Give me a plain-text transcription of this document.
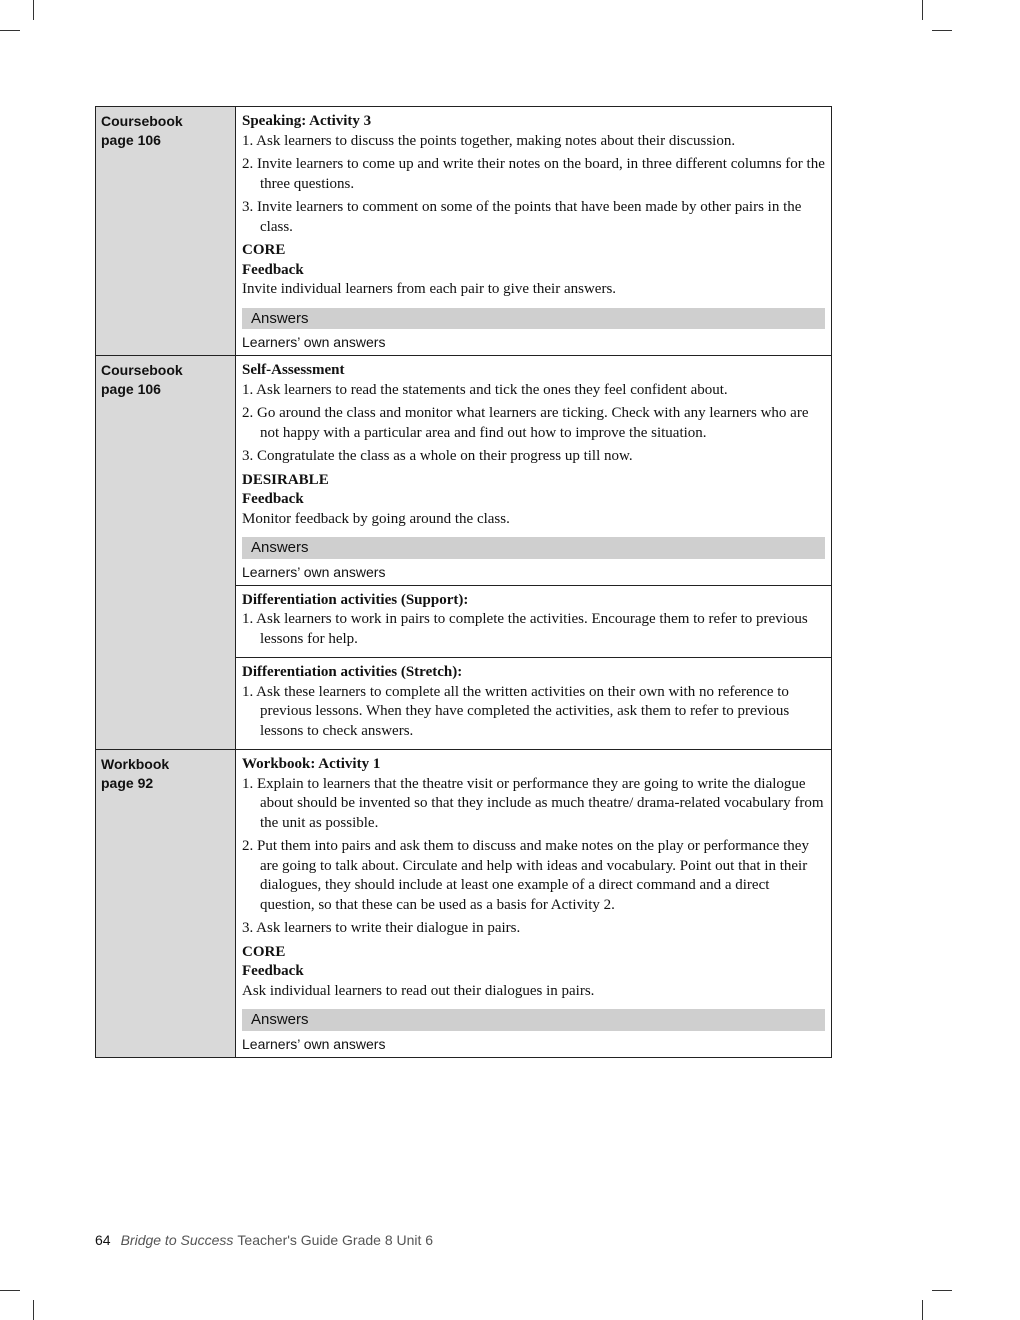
Coursebook
page 106
Speaking: Activity 3
1. Ask learners to discuss the points together, making notes about their discussion.
2. Invite learners to come up and write their notes on the board, in three different columns for the three questions.
3. Invite learners to comment on some of the points that have been made by other pairs in the class.
CORE
Feedback
Invite individual learners from each pair to give their answers.
Answers
Learners’ own answers
Coursebook
page 106
Self-Assessment
1. Ask learners to read the statements and tick the ones they feel confident about.
2. Go around the class and monitor what learners are ticking. Check with any learners who are not happy with a particular area and find out how to improve the situation.
3. Congratulate the class as a whole on their progress up till now.
DESIRABLE
Feedback
Monitor feedback by going around the class.
Answers
Learners’ own answers
Differentiation activities (Support):
1. Ask learners to work in pairs to complete the activities. Encourage them to refer to previous lessons for help.
Differentiation activities (Stretch):
1. Ask these learners to complete all the written activities on their own with no reference to previous lessons. When they have completed the activities, ask them to refer to previous lessons to check answers.
Workbook
page 92
Workbook: Activity 1
1. Explain to learners that the theatre visit or performance they are going to write the dialogue about should be invented so that they include as much theatre/ drama-related vocabulary from the unit as possible.
2. Put them into pairs and ask them to discuss and make notes on the play or performance they are going to talk about. Circulate and help with ideas and vocabulary. Point out that in their dialogues, they should include at least one example of a direct command and a direct question, so that these can be used as a basis for Activity 2.
3. Ask learners to write their dialogue in pairs.
CORE
Feedback
Ask individual learners to read out their dialogues in pairs.
Answers
Learners’ own answers
64 Bridge to Success Teacher's Guide Grade 8 Unit 6
